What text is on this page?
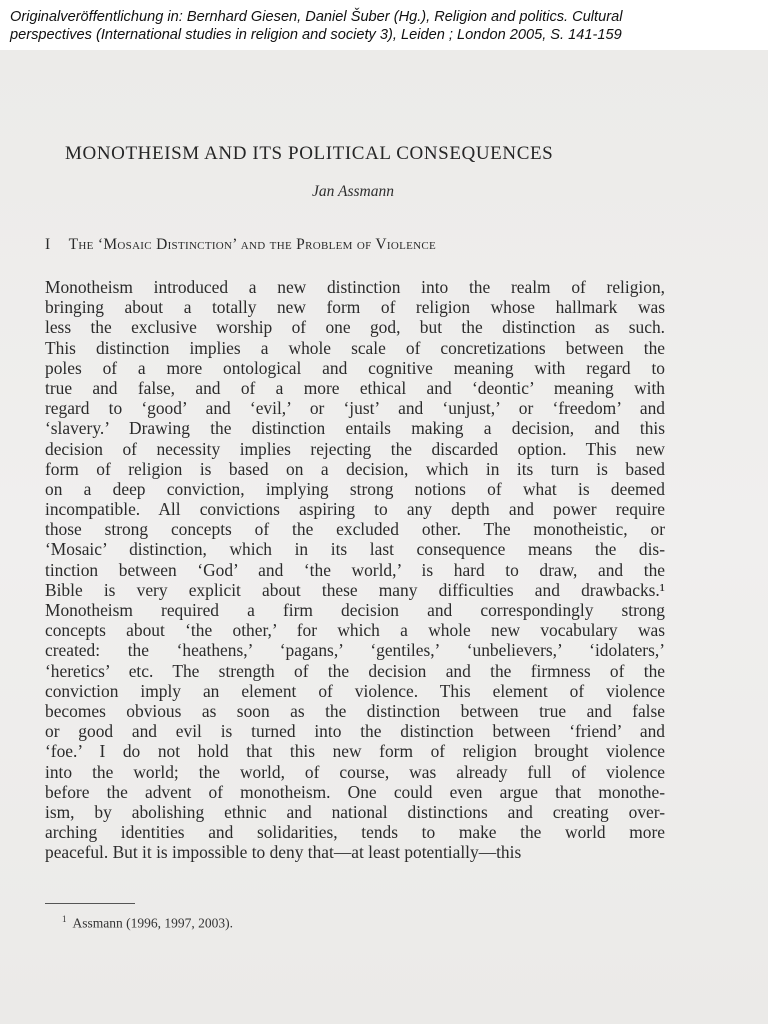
Originalveröffentlichung in: Bernhard Giesen, Daniel Šuber (Hg.), Religion and politics. Cultural
perspectives (International studies in religion and society 3), Leiden ; London 2005, S. 141-159
MONOTHEISM AND ITS POLITICAL CONSEQUENCES
Jan Assmann
I The ‘Mosaic Distinction’ and the Problem of Violence
Monotheism introduced a new distinction into the realm of religion,
bringing about a totally new form of religion whose hallmark was
less the exclusive worship of one god, but the distinction as such.
This distinction implies a whole scale of concretizations between the
poles of a more ontological and cognitive meaning with regard to
true and false, and of a more ethical and ‘deontic’ meaning with
regard to ‘good’ and ‘evil,’ or ‘just’ and ‘unjust,’ or ‘freedom’ and
‘slavery.’ Drawing the distinction entails making a decision, and this
decision of necessity implies rejecting the discarded option. This new
form of religion is based on a decision, which in its turn is based
on a deep conviction, implying strong notions of what is deemed
incompatible. All convictions aspiring to any depth and power require
those strong concepts of the excluded other. The monotheistic, or
‘Mosaic’ distinction, which in its last consequence means the dis-
tinction between ‘God’ and ‘the world,’ is hard to draw, and the
Bible is very explicit about these many difficulties and drawbacks.¹
Monotheism required a firm decision and correspondingly strong
concepts about ‘the other,’ for which a whole new vocabulary was
created: the ‘heathens,’ ‘pagans,’ ‘gentiles,’ ‘unbelievers,’ ‘idolaters,’
‘heretics’ etc. The strength of the decision and the firmness of the
conviction imply an element of violence. This element of violence
becomes obvious as soon as the distinction between true and false
or good and evil is turned into the distinction between ‘friend’ and
‘foe.’ I do not hold that this new form of religion brought violence
into the world; the world, of course, was already full of violence
before the advent of monotheism. One could even argue that monothe-
ism, by abolishing ethnic and national distinctions and creating over-
arching identities and solidarities, tends to make the world more
peaceful. But it is impossible to deny that—at least potentially—this
$^1$ Assmann (1996, 1997, 2003).
